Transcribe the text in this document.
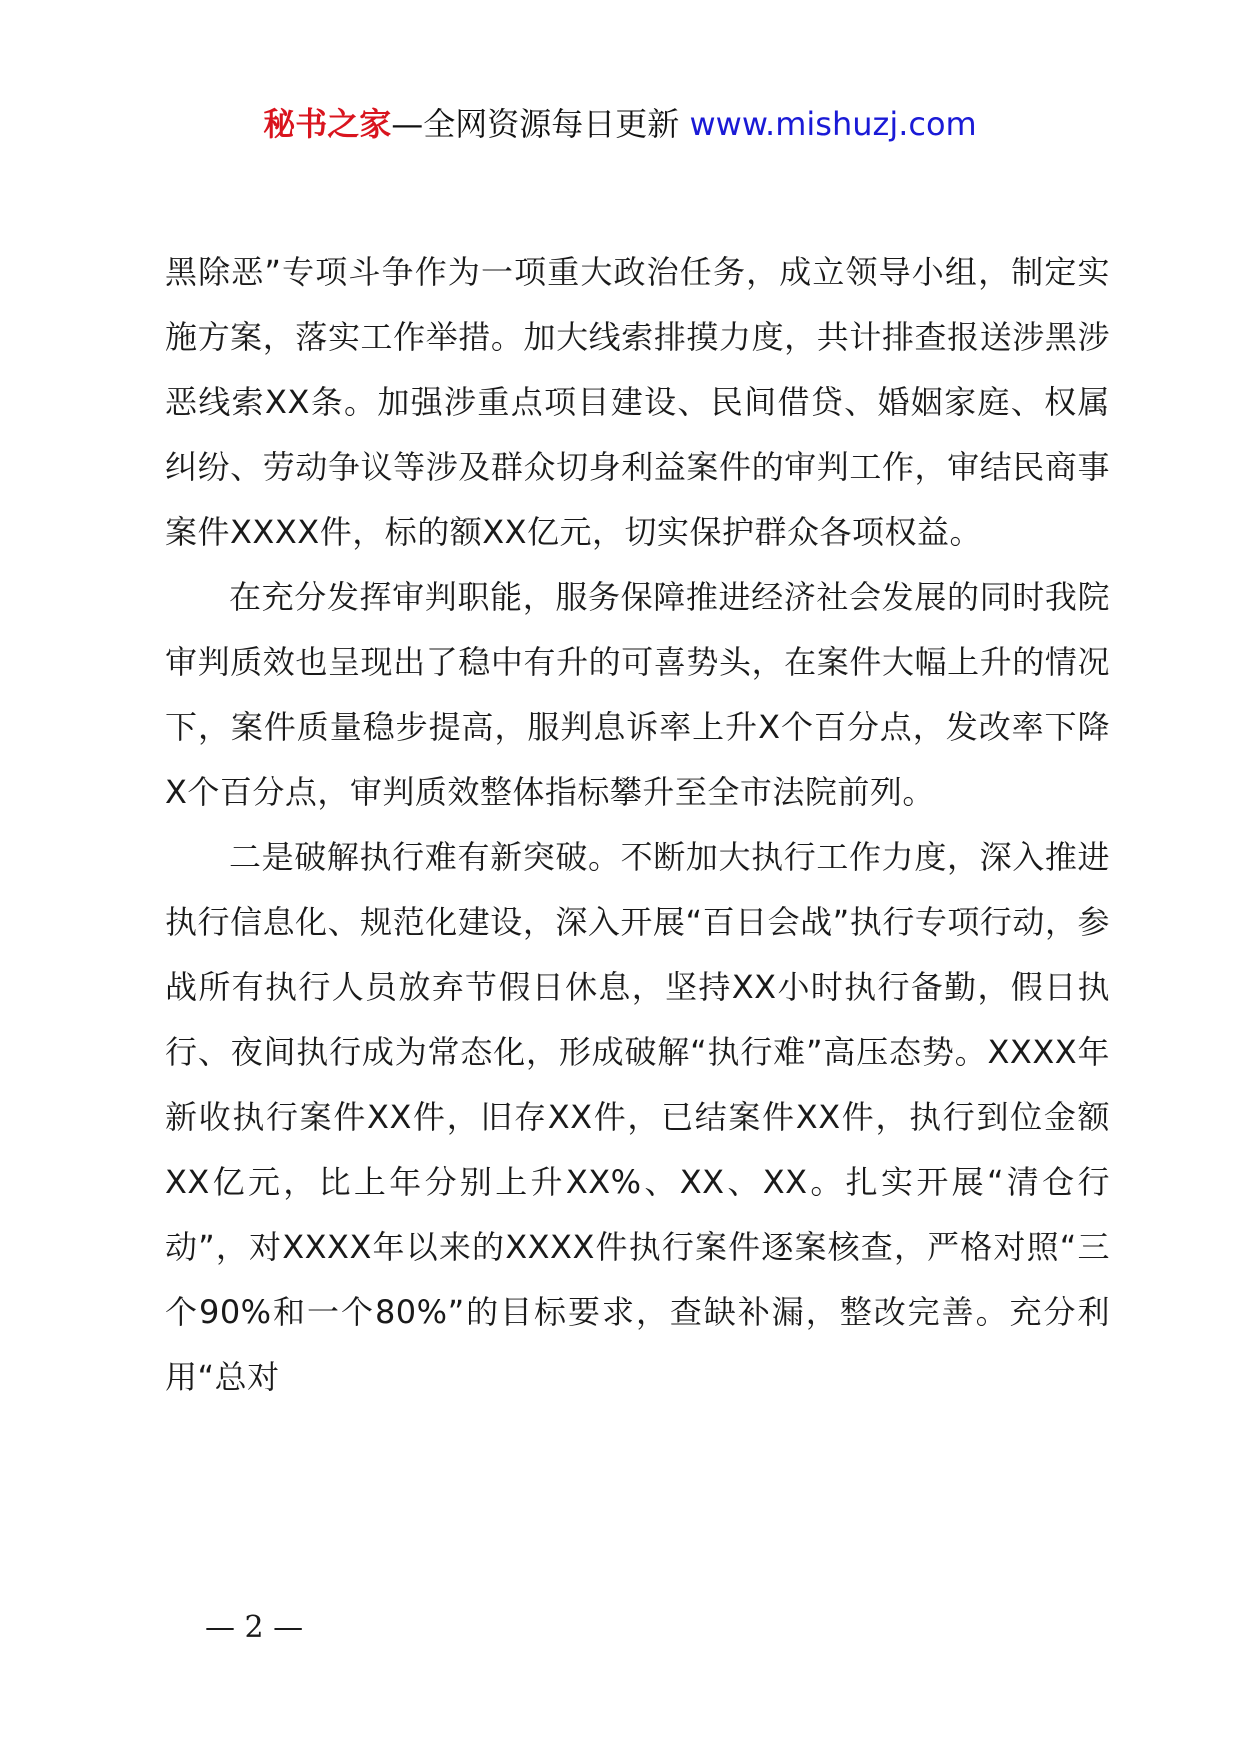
秘书之家—全网资源每日更新 www.mishuzj.com

黑除恶”专项斗争作为一项重大政治任务，成立领导小组，制定实施方案，落实工作举措。加大线索排摸力度，共计排查报送涉黑涉恶线索XX条。加强涉重点项目建设、民间借贷、婚姻家庭、权属纠纷、劳动争议等涉及群众切身利益案件的审判工作，审结民商事案件XXXX件，标的额XX亿元，切实保护群众各项权益。

在充分发挥审判职能，服务保障推进经济社会发展的同时我院审判质效也呈现出了稳中有升的可喜势头，在案件大幅上升的情况下，案件质量稳步提高，服判息诉率上升X个百分点，发改率下降X个百分点，审判质效整体指标攀升至全市法院前列。

二是破解执行难有新突破。不断加大执行工作力度，深入推进执行信息化、规范化建设，深入开展“百日会战”执行专项行动，参战所有执行人员放弃节假日休息，坚持XX小时执行备勤，假日执行、夜间执行成为常态化，形成破解“执行难”高压态势。XXXX年新收执行案件XX件，旧存XX件，已结案件XX件，执行到位金额XX亿元，比上年分别上升XX%、XX、XX。扎实开展“清仓行动”，对XXXX年以来的XXXX件执行案件逐案核查，严格对照“三个90%和一个80%”的目标要求，查缺补漏，整改完善。充分利用“总对

— 2 —
